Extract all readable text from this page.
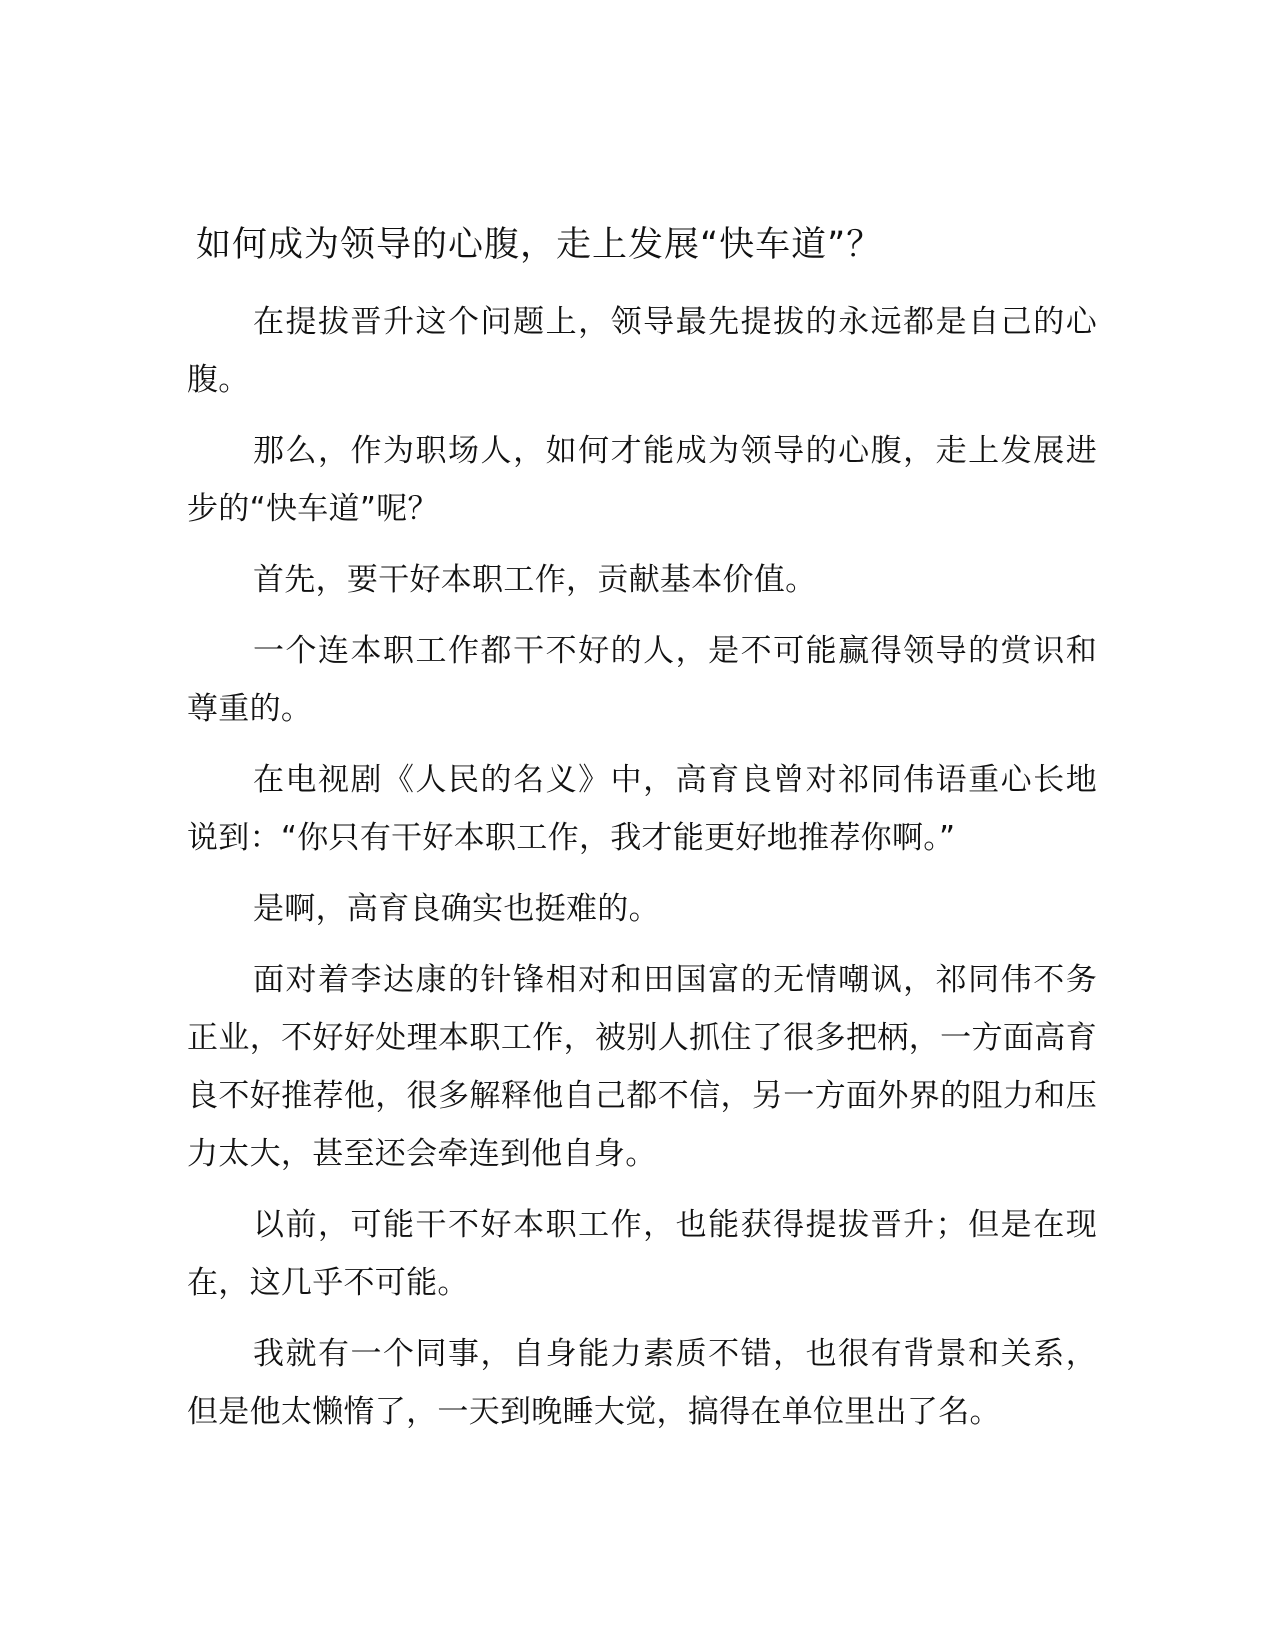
如何成为领导的心腹，走上发展“快车道”？

在提拔晋升这个问题上，领导最先提拔的永远都是自己的心腹。

那么，作为职场人，如何才能成为领导的心腹，走上发展进步的“快车道”呢？

首先，要干好本职工作，贡献基本价值。

一个连本职工作都干不好的人，是不可能赢得领导的赏识和尊重的。

在电视剧《人民的名义》中，高育良曾对祁同伟语重心长地说到：“你只有干好本职工作，我才能更好地推荐你啊。”

是啊，高育良确实也挺难的。

面对着李达康的针锋相对和田国富的无情嘲讽，祁同伟不务正业，不好好处理本职工作，被别人抓住了很多把柄，一方面高育良不好推荐他，很多解释他自己都不信，另一方面外界的阻力和压力太大，甚至还会牵连到他自身。

以前，可能干不好本职工作，也能获得提拔晋升；但是在现在，这几乎不可能。

我就有一个同事，自身能力素质不错，也很有背景和关系，但是他太懒惰了，一天到晚睡大觉，搞得在单位里出了名。
